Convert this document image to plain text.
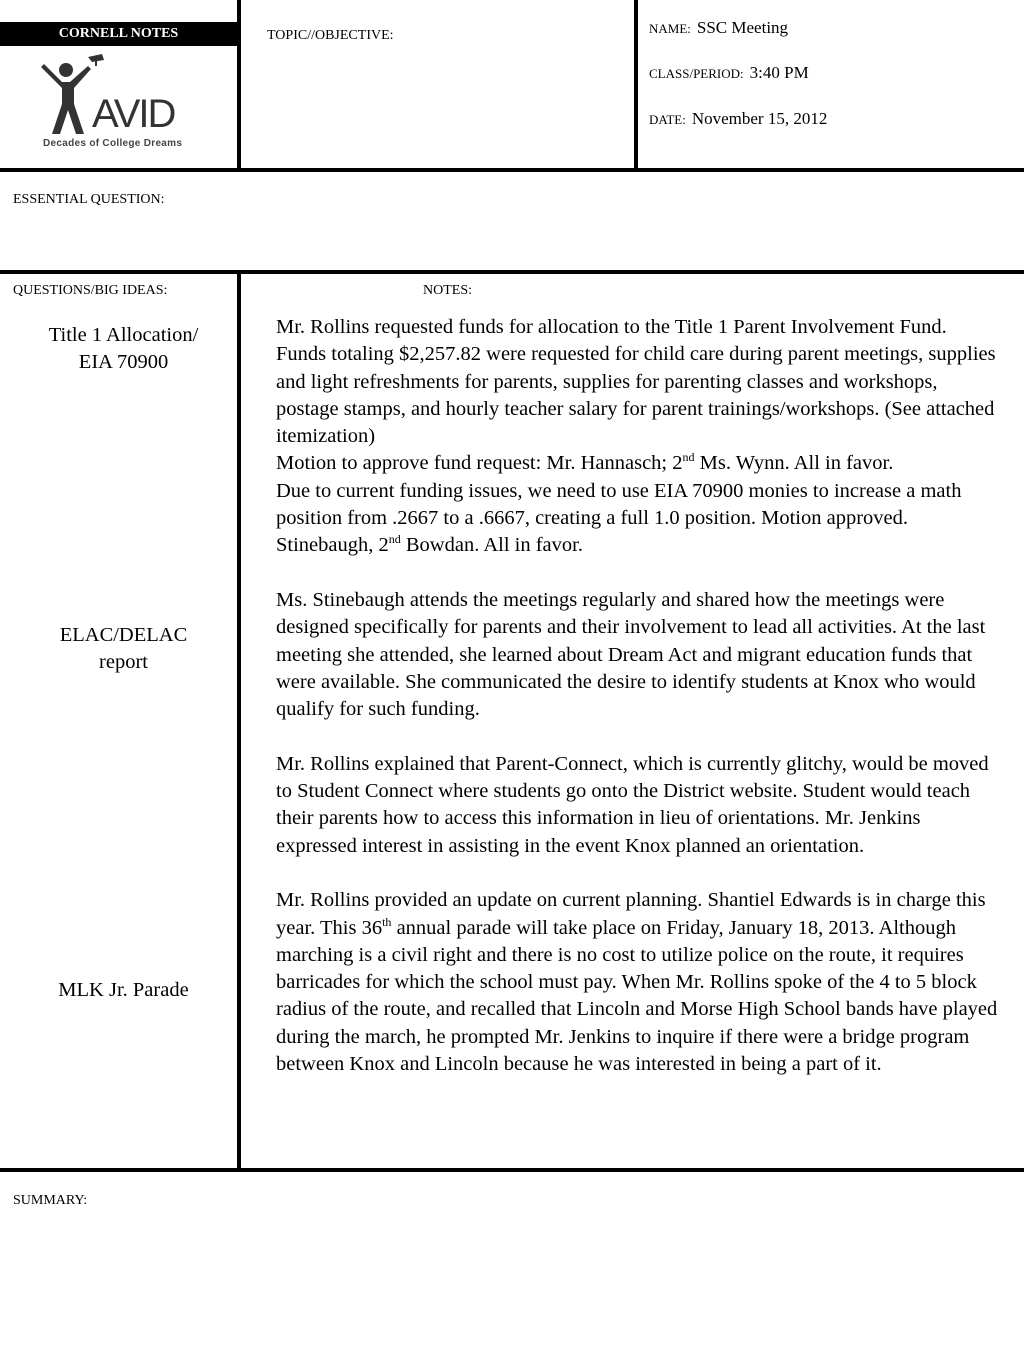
CORNELL NOTES
AVID
Decades of College Dreams
TOPIC//OBJECTIVE:	NAME: SSC Meeting
CLASS/PERIOD: 3:40 PM
DATE: November 15, 2012
ESSENTIAL QUESTION:
QUESTIONS/BIG IDEAS:	NOTES:
Title 1 Allocation/
EIA 70900
ELAC/DELAC
report
MLK Jr. Parade

Mr. Rollins requested funds for allocation to the Title 1 Parent Involvement Fund. Funds totaling $2,257.82 were requested for child care during parent meetings, supplies and light refreshments for parents, supplies for parenting classes and workshops, postage stamps, and hourly teacher salary for parent trainings/workshops. (See attached itemization)

Motion to approve fund request: Mr. Hannasch; 2nd Ms. Wynn. All in favor.

Due to current funding issues, we need to use EIA 70900 monies to increase a math position from .2667 to a .6667, creating a full 1.0 position. Motion approved. Stinebaugh, 2nd Bowdan. All in favor.

Ms. Stinebaugh attends the meetings regularly and shared how the meetings were designed specifically for parents and their involvement to lead all activities. At the last meeting she attended, she learned about Dream Act and migrant education funds that were available. She communicated the desire to identify students at Knox who would qualify for such funding.

Mr. Rollins explained that Parent-Connect, which is currently glitchy, would be moved to Student Connect where students go onto the District website. Student would teach their parents how to access this information in lieu of orientations. Mr. Jenkins expressed interest in assisting in the event Knox planned an orientation.

Mr. Rollins provided an update on current planning. Shantiel Edwards is in charge this year. This 36th annual parade will take place on Friday, January 18, 2013. Although marching is a civil right and there is no cost to utilize police on the route, it requires barricades for which the school must pay. When Mr. Rollins spoke of the 4 to 5 block radius of the route, and recalled that Lincoln and Morse High School bands have played during the march, he prompted Mr. Jenkins to inquire if there were a bridge program between Knox and Lincoln because he was interested in being a part of it.

SUMMARY:
